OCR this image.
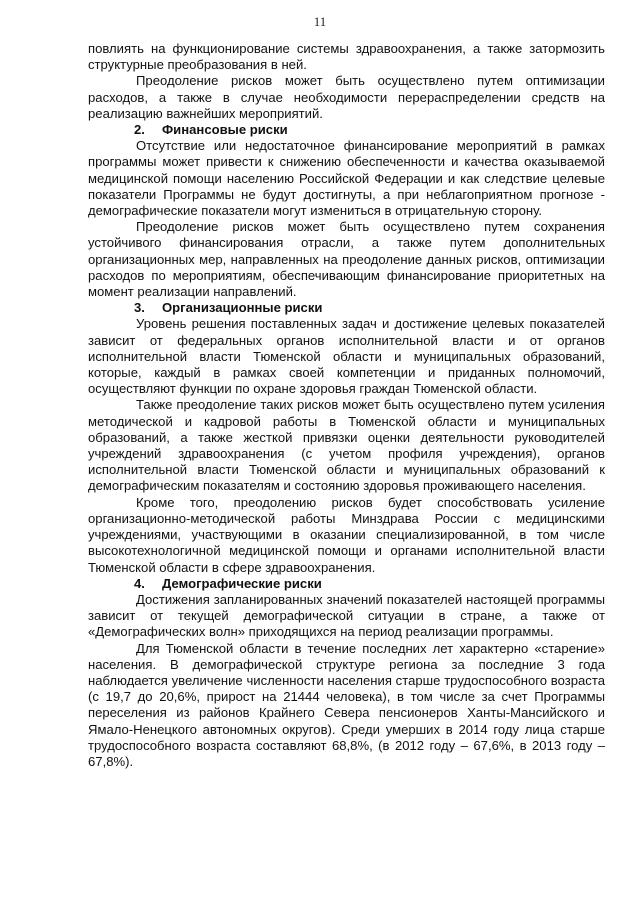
11

повлиять на функционирование системы здравоохранения, а также затормозить структурные преобразования в ней.

Преодоление рисков может быть осуществлено путем оптимизации расходов, а также в случае необходимости перераспределении средств на реализацию важнейших мероприятий.

2. Финансовые риски

Отсутствие или недостаточное финансирование мероприятий в рамках программы может привести к снижению обеспеченности и качества оказываемой медицинской помощи населению Российской Федерации и как следствие целевые показатели Программы не будут достигнуты, а при неблагоприятном прогнозе - демографические показатели могут измениться в отрицательную сторону.

Преодоление рисков может быть осуществлено путем сохранения устойчивого финансирования отрасли, а также путем дополнительных организационных мер, направленных на преодоление данных рисков, оптимизации расходов по мероприятиям, обеспечивающим финансирование приоритетных на момент реализации направлений.

3. Организационные риски

Уровень решения поставленных задач и достижение целевых показателей зависит от федеральных органов исполнительной власти и от органов исполнительной власти Тюменской области и муниципальных образований, которые, каждый в рамках своей компетенции и приданных полномочий, осуществляют функции по охране здоровья граждан Тюменской области.

Также преодоление таких рисков может быть осуществлено путем усиления методической и кадровой работы в Тюменской области и муниципальных образований, а также жесткой привязки оценки деятельности руководителей учреждений здравоохранения (с учетом профиля учреждения), органов исполнительной власти Тюменской области и муниципальных образований к демографическим показателям и состоянию здоровья проживающего населения.

Кроме того, преодолению рисков будет способствовать усиление организационно-методической работы Минздрава России с медицинскими учреждениями, участвующими в оказании специализированной, в том числе высокотехнологичной медицинской помощи и органами исполнительной власти Тюменской области в сфере здравоохранения.

4. Демографические риски

Достижения запланированных значений показателей настоящей программы зависит от текущей демографической ситуации в стране, а также от «Демографических волн» приходящихся на период реализации программы.

Для Тюменской области в течение последних лет характерно «старение» населения. В демографической структуре региона за последние 3 года наблюдается увеличение численности населения старше трудоспособного возраста (с 19,7 до 20,6%, прирост на 21444 человека), в том числе за счет Программы переселения из районов Крайнего Севера пенсионеров Ханты-Мансийского и Ямало-Ненецкого автономных округов). Среди умерших в 2014 году лица старше трудоспособного возраста составляют 68,8%, (в 2012 году – 67,6%, в 2013 году – 67,8%).
